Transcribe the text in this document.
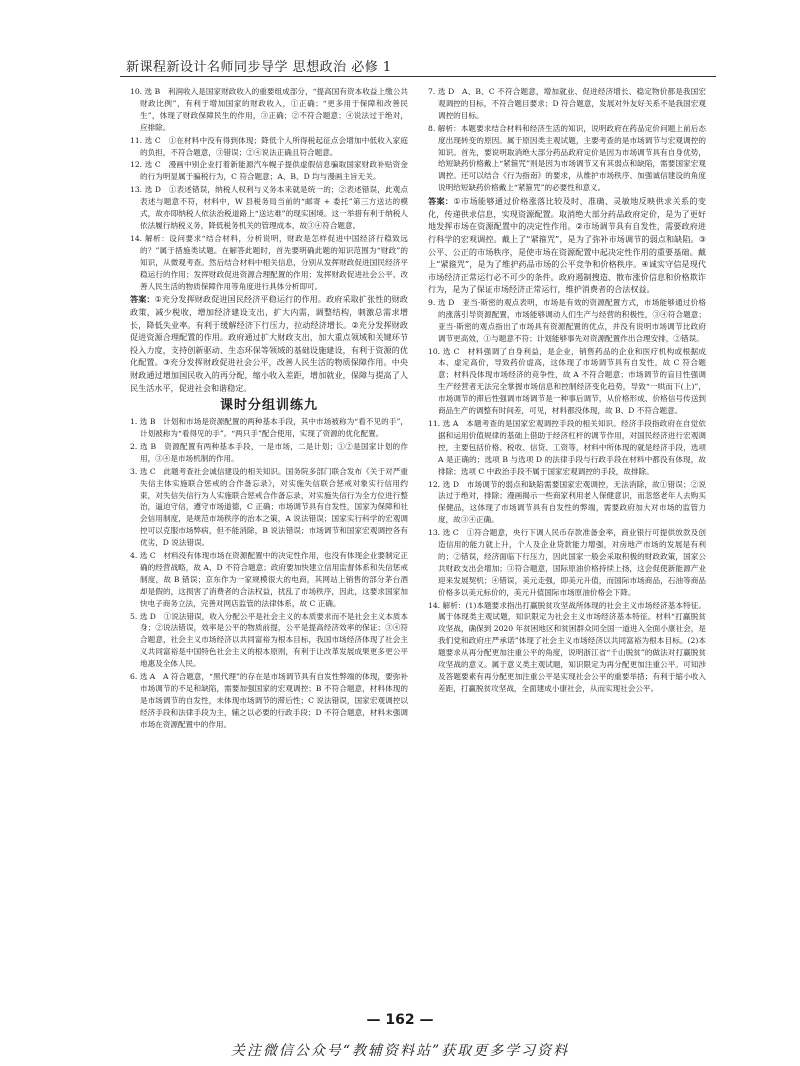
新课程新设计名师同步导学 思想政治 必修 1

10. 选 B　利润收入是国家财政收入的重要组成部分，“提高国有资本收益上缴公共财政比例”，有利于增加国家的财政收入，①正确；“更多用于保障和改善民生”，体现了财政保障民生的作用，③正确；②不符合题意；④说法过于绝对，应排除。

11. 选 C　①在材料中没有得到体现；降低个人所得税起征点会增加中低收入家庭的负担，不符合题意，③错误；②④说法正确且符合题意。

12. 选 C　漫画中别企业打着新能源汽车幌子提供虚假信息骗取国家财政补贴资金的行为明显属于骗税行为，C 符合题意；A、B、D 均与漫画主旨无关。

13. 选 D　①表述错误，纳税人权利与义务本来就是统一的；②表述错误，此观点表述与题意不符，材料中，W 县税务局当前的“邮寄 + 委托”第三方送达的模式，故亦即纳税人依法治税道路上“送达难”的现实困境。这一举措有利于纳税人依法履行纳税义务，降低税务机关的管理成本，故③④符合题意。

14. 解析：设问要求“结合材料，分析说明，财政是怎样促进中国经济行稳致远的？”属于措施类试题。在解答此题时，首先要明确此题的知识范围为“财政”的知识，从微观考查。然后结合材料中相关信息，分别从发挥财政促进国民经济平稳运行的作用；发挥财政促进资源合理配置的作用；发挥财政促进社会公平、改善人民生活的物质保障作用等角度进行具体分析即可。

答案：①充分发挥财政促进国民经济平稳运行的作用。政府采取扩张性的财政政策，减少税收，增加经济建设支出，扩大内需，调整结构，刺激总需求增长，降低失业率。有利于缓解经济下行压力，拉动经济增长。②充分发挥财政促进资源合理配置的作用。政府通过扩大财政支出，加大重点领域和关键环节投入力度，支持创新驱动、生态环保等领域的基础设施建设，有利于资源的优化配置。③充分发挥财政促进社会公平，改善人民生活的物质保障作用。中央财政通过增加国民收入的再分配，缩小收入差距，增加就业，保障与提高了人民生活水平，促进社会和谐稳定。

课时分组训练九

1. 选 B　计划和市场是资源配置的两种基本手段，其中市场被称为“看不见的手”，计划被称为“看得见的手”。“两只手”配合使用，实现了资源的优化配置。

2. 选 B　资源配置有两种基本手段，一是市场，二是计划；①②是国家计划的作用，③④是市场机制的作用。

3. 选 C　此题考查社会诚信建设的相关知识。国务院多部门联合发布《关于对严重失信主体实施联合惩戒的合作备忘录》，对实施失信联合惩戒对象实行信用约束，对失信失信行为人实施联合惩戒合作备忘录，对实施失信行为全方位进行整治，逼迫守信，遵守市场道德，C 正确；市场调节具有自发性，国家为保障和社会信用制度，是规范市场秩序的治本之策，A 说法错误；国家实行科学的宏观调控可以克服市场弊病，但不能消除，B 说法错误；市场调节和国家宏观调控各有优劣，D 说法错误。

4. 选 C　材料没有体现市场在资源配置中的决定性作用，也没有体现企业要制定正确的经营战略，故 A、D 不符合题意；政府要加快建立信用监督体系和失信惩戒制度，故 B 错误；京东作为一家规模很大的电商，其网站上销售的部分茅台酒却是假的，这损害了消费者的合法权益，扰乱了市场秩序，因此，这要求国家加快电子商务立法，完善对网店监管的法律体系，故 C 正确。

5. 选 D　①说法错误，收入分配公平是社会主义的本质要求而不是社会主义本质本身；②说法错误，效率是公平的物质前提，公平是提高经济效率的保证；③④符合题意，社会主义市场经济以共同富裕为根本目标，我国市场经济体现了社会主义共同富裕是中国特色社会主义的根本原则，有利于让改革发展成果更多更公平地惠及全体人民。

6. 选 A　A 符合题意，“黑代理”的存在是市场调节具有自发性弊端的体现，要弥补市场调节的不足和缺陷，需要加强国家的宏观调控；B 不符合题意，材料体现的是市场调节的自发性，未体现市场调节的滞后性；C 说法错误，国家宏观调控以经济手段和法律手段为主，辅之以必要的行政手段；D 不符合题意，材料未强调市场在资源配置中的作用。

7. 选 D　A、B、C 不符合题意，增加就业、促进经济增长、稳定物价都是我国宏观调控的目标，不符合题目要求；D 符合题意，发展对外友好关系不是我国宏观调控的目标。

8. 解析：本题要求结合材料和经济生活的知识，说明政府在药品定价问题上前后态度出现转变的原因。属于原因类主观试题，主要考查的是市场调节与宏观调控的知识。首先，要说明取消绝大部分药品政府定价是因为市场调节具有自身优势，给短缺药价格戴上“紧箍咒”则是因为市场调节又有其弱点和缺陷，需要国家宏观调控。还可以结合《行为指南》的要求，从维护市场秩序、加强诚信建设的角度说明给短缺药价格戴上“紧箍咒”的必要性和意义。

答案：①市场能够通过价格涨落比较及时、准确、灵敏地反映供求关系的变化，传递供求信息，实现资源配置。取消绝大部分药品政府定价，是为了更好地发挥市场在资源配置中的决定性作用。②市场调节具有自发性，需要政府进行科学的宏观调控。戴上了“紧箍咒”，是为了弥补市场调节的弱点和缺陷。③公平、公正的市场秩序，是使市场在资源配置中起决定性作用的重要基础。戴上“紧箍咒”，是为了维护药品市场的公平竞争和价格秩序。④诚实守信是现代市场经济正常运行必不可少的条件。政府遏制搜造、散布涨价信息和价格欺诈行为，是为了保证市场经济正常运行，维护消费者的合法权益。

9. 选 D　亚当·斯密的观点表明，市场是有效的资源配置方式，市场能够通过价格的涨落引导资源配置，市场能够调动人们生产与经营的积极性，③④符合题意；亚当·斯密的观点指出了市场具有资源配置的优点，并没有说明市场调节比政府调节更高效，①与题意不符；计划能够事先对资源配置作出合理安排，②错误。

10. 选 C　材料强调了自身利益，是企业，销售药品的企业和医疗机构或根据成本、虚定高价，导致药价虚高，这体现了市场调节具有自发性，故 C 符合题意；材料没体现市场经济的竞争性，故 A 不符合题意；市场调节的盲目性强调生产经营者无法完全掌握市场信息和控制经济变化趋势，导致“一哄而下(上)”，市场调节的滞后性强调市场调节是一种事后调节，从价格形成、价格信号传送到商品生产的调整有时间差，可见，材料都没体现，故 B、D 不符合题意。

11. 选 A　本题考查的是国家宏观调控手段的相关知识。经济手段指政府在自觉依据和运用价值规律的基础上借助于经济杠杆的调节作用，对国民经济进行宏观调控，主要包括价格、税收、信贷、工资等，材料中所体现的就是经济手段，选项 A 是正确的；选项 B 与选项 D 的法律手段与行政手段在材料中都没有体现，故排除；选项 C 中政治手段不属于国家宏观调控的手段，故排除。

12. 选 D　市场调节的弱点和缺陷需要国家宏观调控，无法消除，故①错误；②说法过于绝对，排除；漫画揭示一些商家利用老人保健意识，而忽悠老年人去购买保健品，这体现了市场调节具有自发性的弊端，需要政府加大对市场的监管力度，故③④正确。

13. 选 C　①符合题意，央行下调人民币存款准备金率，商业银行可提供放款及创造信用的能力就上升，个人及企业贷款能力增强，对房地产市场的发展是有利的；②错误，经济面临下行压力，因此国家一般会采取积极的财政政策，国家公共财政支出会增加；③符合题意，国际原油价格持续上扬，这会促使新能源产业迎来发展契机；④错误，美元走强，即美元升值，而国际市场商品，石油等商品价格多以美元标价的，美元升值国际市场原油价格会下降。

14. 解析：(1)本题要求指出打赢脱贫攻坚战所体现的社会主义市场经济基本特征。属于体现类主观试题，知识限定为社会主义市场经济基本特征。材料“打赢脱贫攻坚战，确保到 2020 年贫困地区和贫困群众同全国一道进入全面小康社会，是我们党和政府庄严承诺”体现了社会主义市场经济以共同富裕为根本目标。(2)本题要求从再分配更加注重公平的角度，说明浙江省“千山脱贫”的做法对打赢脱贫攻坚战的意义。属于意义类主观试题，知识限定为再分配更加注重公平。可知涉及答题要素有再分配更加注重公平是实现社会公平的重要举措；有利于缩小收入差距，打赢脱贫攻坚战，全面建成小康社会，从而实现社会公平。

— 162 —
关注微信公众号“教辅资料站”获取更多学习资料
